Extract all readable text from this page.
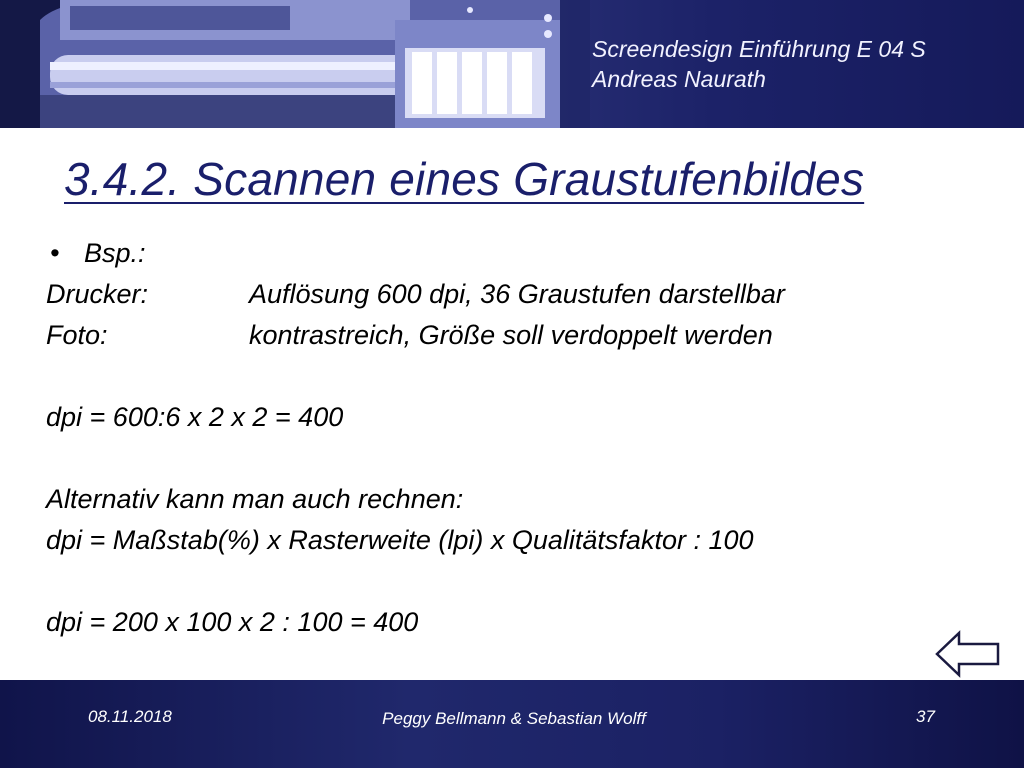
Screendesign Einführung E 04 S
Andreas Naurath
3.4.2. Scannen eines Graustufenbildes
• Bsp.:
Drucker:	Auflösung 600 dpi, 36 Graustufen darstellbar
Foto:	kontrastreich, Größe soll verdoppelt werden
dpi = 600:6 x 2 x 2 = 400
Alternativ kann man auch rechnen:
dpi = Maßstab(%) x Rasterweite (lpi) x Qualitätsfaktor : 100
dpi = 200 x 100 x 2 : 100 = 400
08.11.2018	Peggy Bellmann & Sebastian Wolff	37
